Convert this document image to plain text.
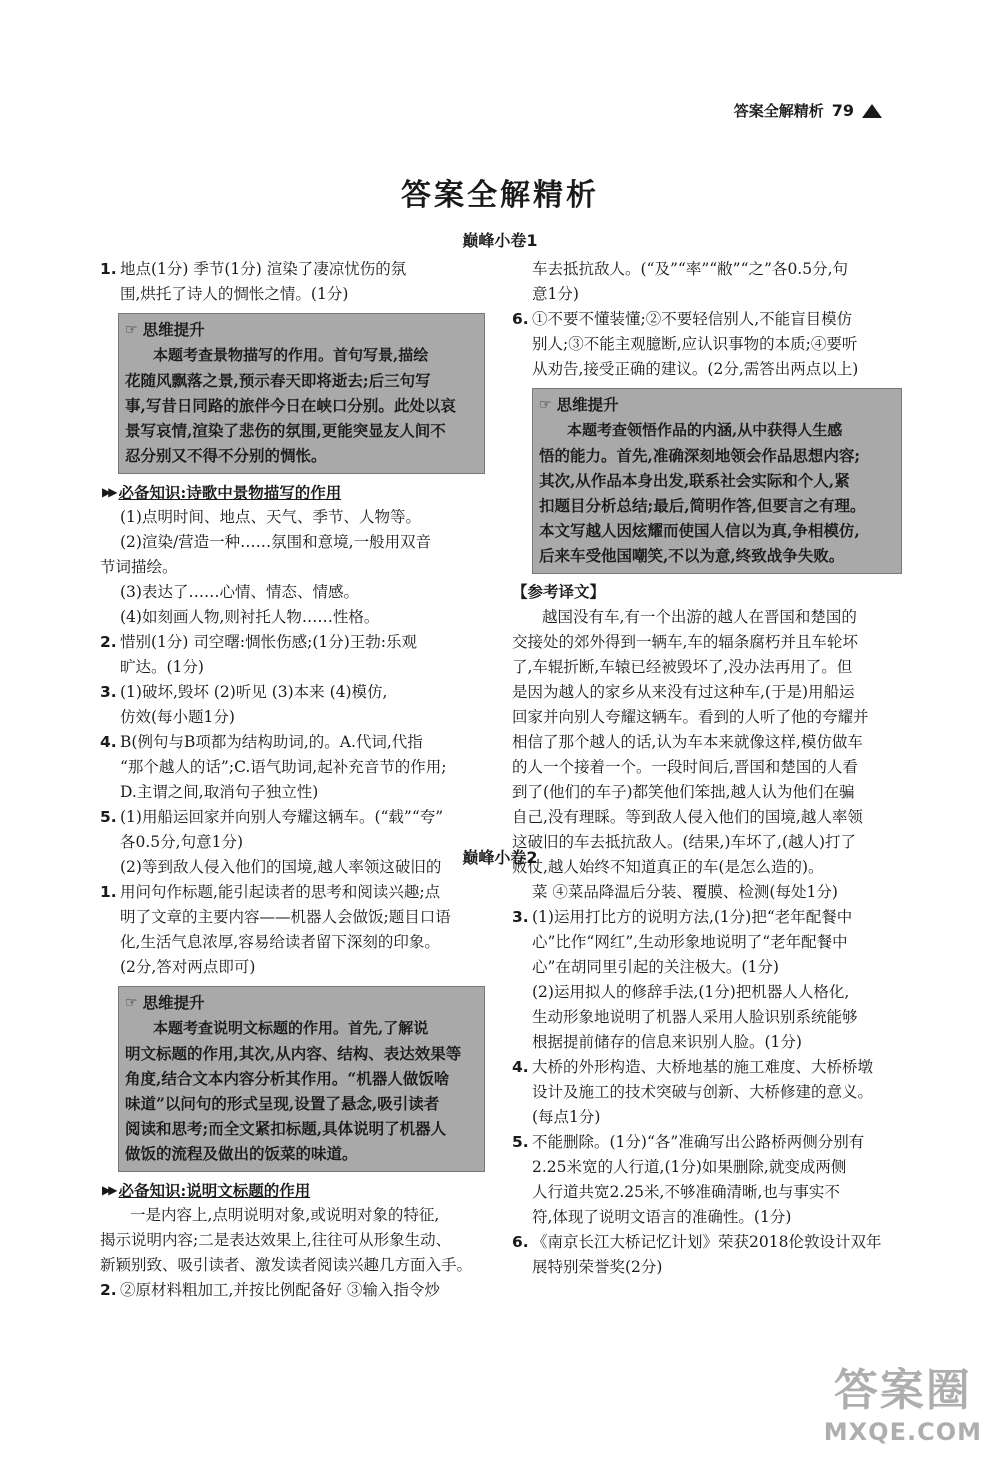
答案全解精析 79
答案全解精析
巅峰小卷1
1. 地点(1分) 季节(1分) 渲染了凄凉忧伤的氛

围,烘托了诗人的惆怅之情。(1分)

☞ 思维提升

本题考查景物描写的作用。首句写景,描绘

花随风飘落之景,预示春天即将逝去;后三句写

事,写昔日同路的旅伴今日在峡口分别。此处以哀

景写哀情,渲染了悲伤的氛围,更能突显友人间不

忍分别又不得不分别的惆怅。

▶▶ 必备知识:诗歌中景物描写的作用

(1)点明时间、地点、天气、季节、人物等。

(2)渲染/营造一种……氛围和意境,一般用双音

节词描绘。

(3)表达了……心情、情态、情感。

(4)如刻画人物,则衬托人物……性格。

2. 惜别(1分) 司空曙:惆怅伤感;(1分)王勃:乐观

旷达。(1分)

3. (1)破坏,毁坏 (2)听见 (3)本来 (4)模仿,

仿效(每小题1分)

4. B(例句与B项都为结构助词,的。A.代词,代指

“那个越人的话”;C.语气助词,起补充音节的作用;

D.主谓之间,取消句子独立性)

5. (1)用船运回家并向别人夸耀这辆车。(“载”“夸”

各0.5分,句意1分)

(2)等到敌人侵入他们的国境,越人率领这破旧的

车去抵抗敌人。(“及”“率”“敝”“之”各0.5分,句

意1分)

6. ①不要不懂装懂;②不要轻信别人,不能盲目模仿

别人;③不能主观臆断,应认识事物的本质;④要听

从劝告,接受正确的建议。(2分,需答出两点以上)

☞ 思维提升

本题考查领悟作品的内涵,从中获得人生感

悟的能力。首先,准确深刻地领会作品思想内容;

其次,从作品本身出发,联系社会实际和个人,紧

扣题目分析总结;最后,简明作答,但要言之有理。

本文写越人因炫耀而使国人信以为真,争相模仿,

后来车受他国嘲笑,不以为意,终致战争失败。

【参考译文】

越国没有车,有一个出游的越人在晋国和楚国的

交接处的郊外得到一辆车,车的辐条腐朽并且车轮坏

了,车辊折断,车辕已经被毁坏了,没办法再用了。但

是因为越人的家乡从来没有过这种车,(于是)用船运

回家并向别人夸耀这辆车。看到的人听了他的夸耀并

相信了那个越人的话,认为车本来就像这样,模仿做车

的人一个接着一个。一段时间后,晋国和楚国的人看

到了(他们的车子)都笑他们笨拙,越人认为他们在骗

自己,没有理睬。等到敌人侵入他们的国境,越人率领

这破旧的车去抵抗敌人。(结果,)车坏了,(越人)打了

败仗,越人始终不知道真正的车(是怎么造的)。

巅峰小卷2
1. 用问句作标题,能引起读者的思考和阅读兴趣;点

明了文章的主要内容——机器人会做饭;题目口语

化,生活气息浓厚,容易给读者留下深刻的印象。

(2分,答对两点即可)

☞ 思维提升

本题考查说明文标题的作用。首先,了解说

明文标题的作用,其次,从内容、结构、表达效果等

角度,结合文本内容分析其作用。“机器人做饭啥

味道”以问句的形式呈现,设置了悬念,吸引读者

阅读和思考;而全文紧扣标题,具体说明了机器人

做饭的流程及做出的饭菜的味道。

▶▶ 必备知识:说明文标题的作用

一是内容上,点明说明对象,或说明对象的特征,

揭示说明内容;二是表达效果上,往往可从形象生动、

新颖别致、吸引读者、激发读者阅读兴趣几方面入手。

2. ②原材料粗加工,并按比例配备好 ③输入指令炒

菜 ④菜品降温后分装、覆膜、检测(每处1分)

3. (1)运用打比方的说明方法,(1分)把“老年配餐中

心”比作“网红”,生动形象地说明了“老年配餐中

心”在胡同里引起的关注极大。(1分)

(2)运用拟人的修辞手法,(1分)把机器人人格化,

生动形象地说明了机器人采用人脸识别系统能够

根据提前储存的信息来识别人脸。(1分)

4. 大桥的外形构造、大桥地基的施工难度、大桥桥墩

设计及施工的技术突破与创新、大桥修建的意义。

(每点1分)

5. 不能删除。(1分)“各”准确写出公路桥两侧分别有

2.25米宽的人行道,(1分)如果删除,就变成两侧

人行道共宽2.25米,不够准确清晰,也与事实不

符,体现了说明文语言的准确性。(1分)

6. 《南京长江大桥记忆计划》荣获2018伦敦设计双年

展特别荣誉奖(2分)

答案圈
MXQE.COM
